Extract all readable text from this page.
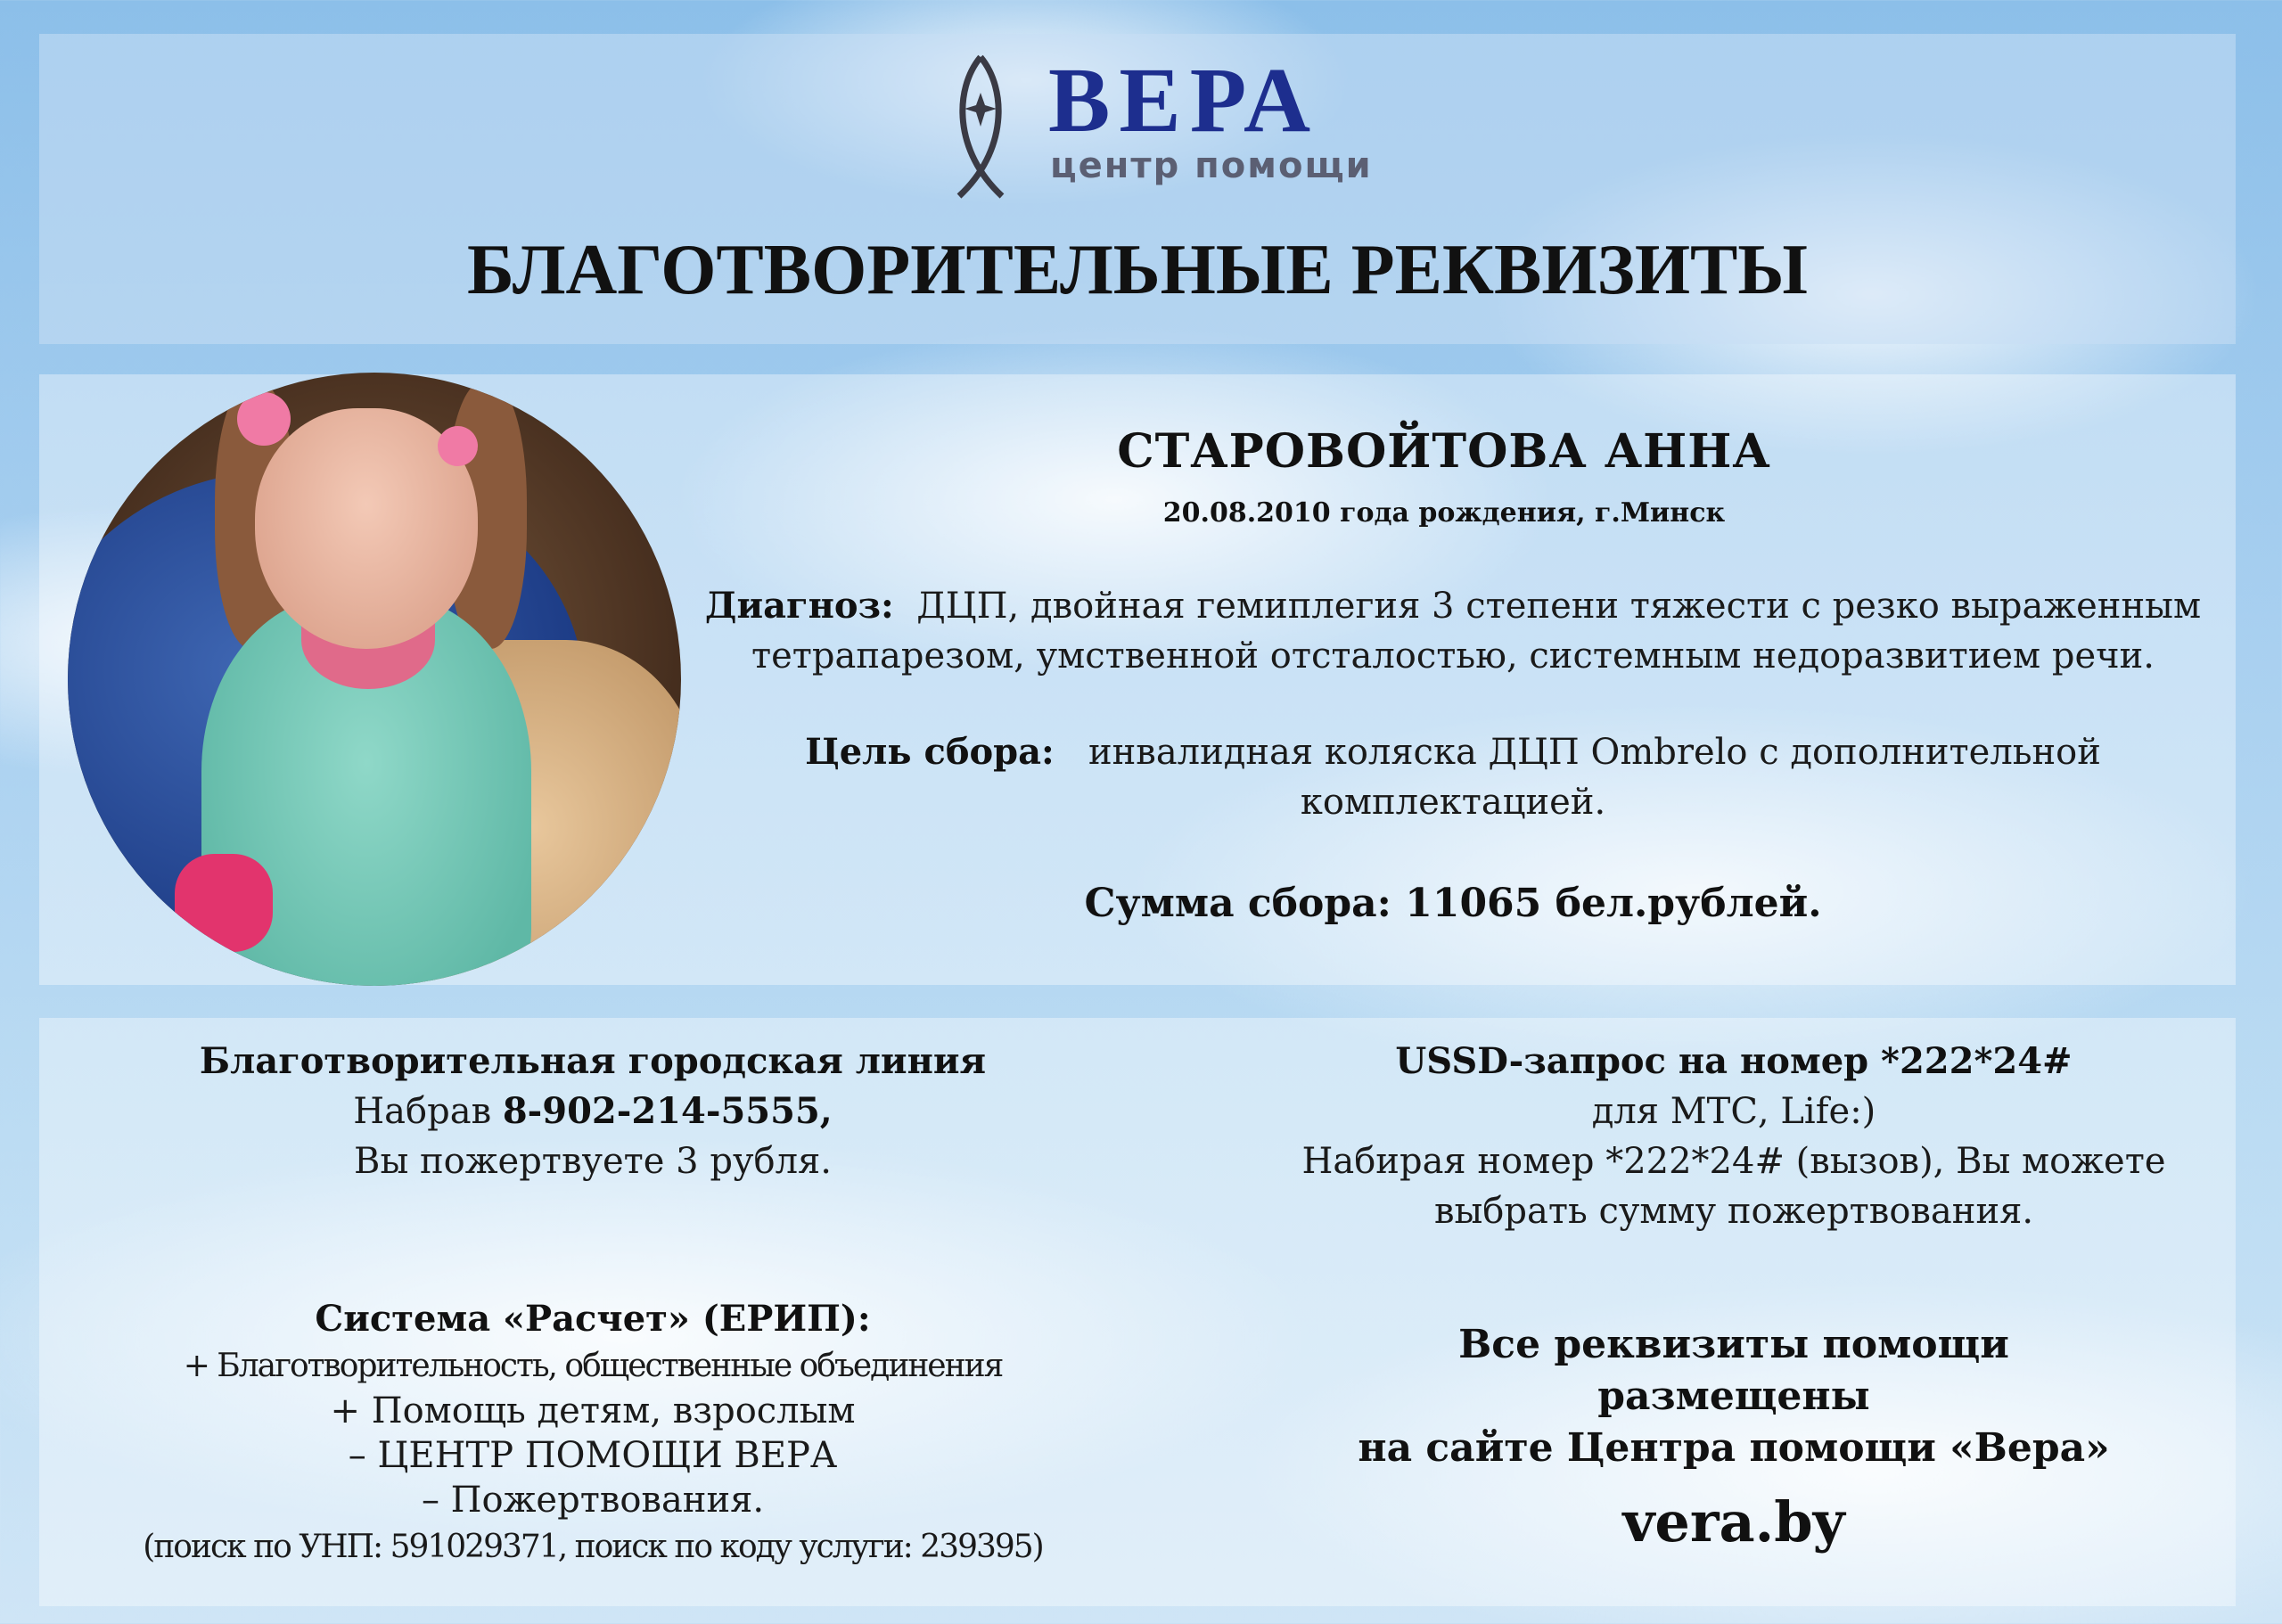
ВЕРА
центр помощи
БЛАГОТВОРИТЕЛЬНЫЕ РЕКВИЗИТЫ
СТАРОВОЙТОВА АННА
20.08.2010 года рождения, г.Минск
Диагноз: ДЦП, двойная гемиплегия 3 степени тяжести с резко выраженным
тетрапарезом, умственной отсталостью, системным недоразвитием речи.
Цель сбора: инвалидная коляска ДЦП Ombrelo с дополнительной
комплектацией.
Сумма сбора: 11065 бел.рублей.
Благотворительная городская линия
Набрав 8-902-214-5555,
Вы пожертвуете 3 рубля.
USSD-запрос на номер *222*24#
для МТС, Life:)
Набирая номер *222*24# (вызов), Вы можете
выбрать сумму пожертвования.
Система «Расчет» (ЕРИП):
+ Благотворительность, общественные объединения
+ Помощь детям, взрослым
– ЦЕНТР ПОМОЩИ ВЕРА
– Пожертвования.
(поиск по УНП: 591029371, поиск по коду услуги: 239395)
Все реквизиты помощи
размещены
на сайте Центра помощи «Вера»
vera.by
